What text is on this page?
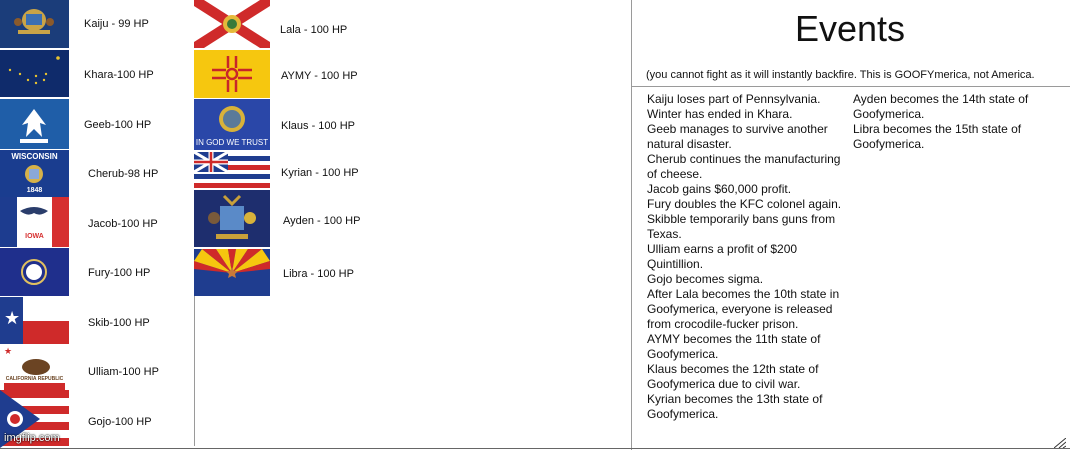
WISCONSIN
1848
IOWA
★
★
CALIFORNIA REPUBLIC
Kaiju - 99 HP
Khara-100 HP
Geeb-100 HP
Cherub-98 HP
Jacob-100 HP
Fury-100 HP
Skib-100 HP
Ulliam-100 HP
Gojo-100 HP
IN GOD WE TRUST
Lala - 100 HP
AYMY - 100 HP
Klaus - 100 HP
Kyrian - 100 HP
Ayden - 100 HP
Libra - 100 HP
Events
(you cannot fight as it will instantly backfire. This is GOOFYmerica, not America.
Kaiju loses part of Pennsylvania.
Winter has ended in Khara.
Geeb manages to survive another natural disaster.
Cherub continues the manufacturing of cheese.
Jacob gains $60,000 profit.
Fury doubles the KFC colonel again.
Skibble temporarily bans guns from Texas.
Ulliam earns a profit of $200 Quintillion.
Gojo becomes sigma.
After Lala becomes the 10th state in Goofymerica, everyone is released from crocodile-fucker prison.
AYMY becomes the 11th state of Goofymerica.
Klaus becomes the 12th state of Goofymerica due to civil war.
Kyrian becomes the 13th state of Goofymerica.
Ayden becomes the 14th state of Goofymerica.
Libra becomes the 15th state of Goofymerica.
imgflip.com
